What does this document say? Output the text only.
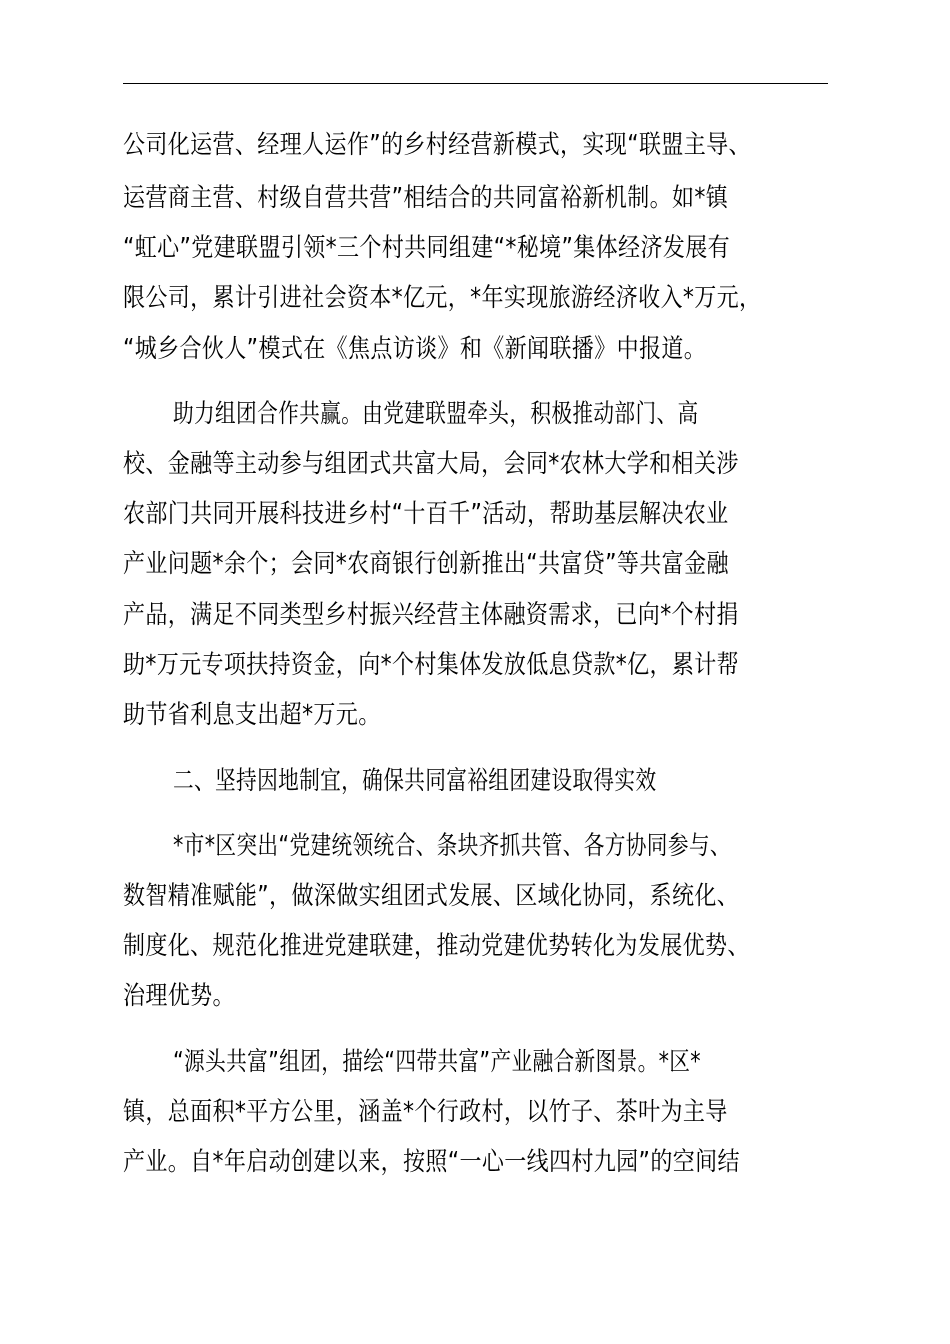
公司化运营、经理人运作”的乡村经营新模式，实现“联盟主导、
运营商主营、村级自营共营”相结合的共同富裕新机制。如*镇
“虹心”党建联盟引领*三个村共同组建“*秘境”集体经济发展有
限公司，累计引进社会资本*亿元，*年实现旅游经济收入*万元，
“城乡合伙人”模式在《焦点访谈》和《新闻联播》中报道。
助力组团合作共赢。由党建联盟牵头，积极推动部门、高
校、金融等主动参与组团式共富大局，会同*农林大学和相关涉
农部门共同开展科技进乡村“十百千”活动，帮助基层解决农业
产业问题*余个；会同*农商银行创新推出“共富贷”等共富金融
产品，满足不同类型乡村振兴经营主体融资需求，已向*个村捐
助*万元专项扶持资金，向*个村集体发放低息贷款*亿，累计帮
助节省利息支出超*万元。
二、坚持因地制宜，确保共同富裕组团建设取得实效
*市*区突出“党建统领统合、条块齐抓共管、各方协同参与、
数智精准赋能”，做深做实组团式发展、区域化协同，系统化、
制度化、规范化推进党建联建，推动党建优势转化为发展优势、
治理优势。
“源头共富”组团，描绘“四带共富”产业融合新图景。*区*
镇，总面积*平方公里，涵盖*个行政村，以竹子、茶叶为主导
产业。自*年启动创建以来，按照“一心一线四村九园”的空间结
